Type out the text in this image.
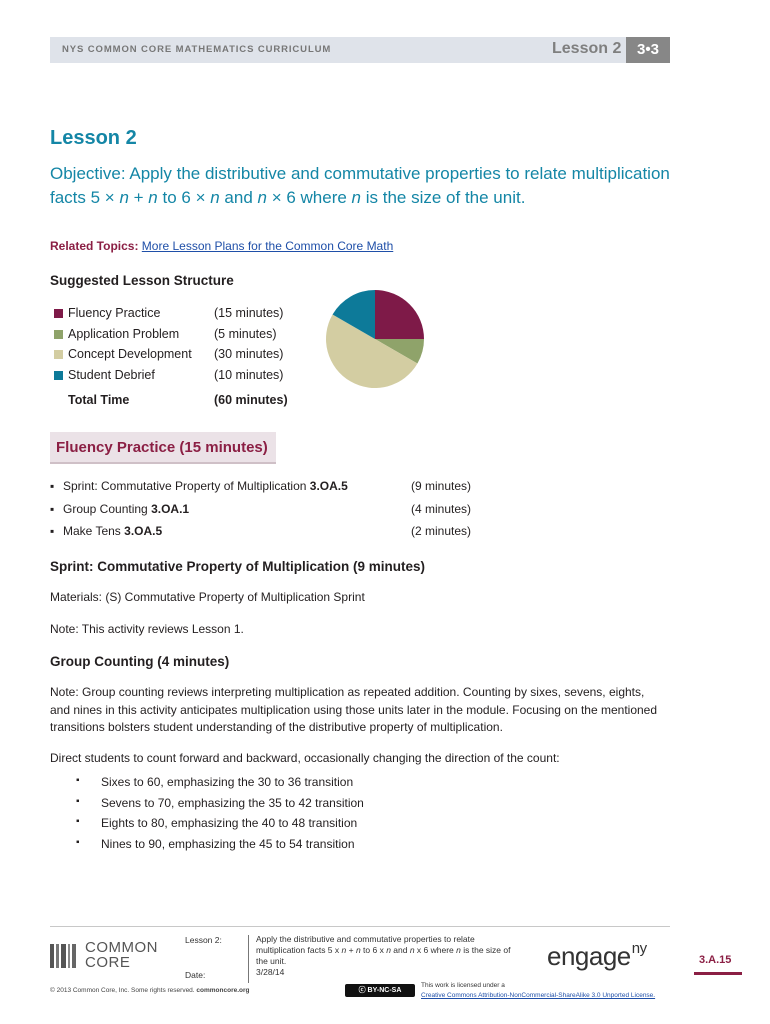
NYS COMMON CORE MATHEMATICS CURRICULUM	Lesson 2	3•3
Lesson 2
Objective: Apply the distributive and commutative properties to relate multiplication facts 5 × n + n to 6 × n and n × 6 where n is the size of the unit.
Related Topics: More Lesson Plans for the Common Core Math
Suggested Lesson Structure
Fluency Practice	(15 minutes)
Application Problem	(5 minutes)
Concept Development (30 minutes)
Student Debrief	(10 minutes)
Total Time	(60 minutes)
Fluency Practice (15 minutes)
▪ Sprint: Commutative Property of Multiplication 3.OA.5	(9 minutes)
▪ Group Counting 3.OA.1	(4 minutes)
▪ Make Tens 3.OA.5	(2 minutes)
Sprint: Commutative Property of Multiplication (9 minutes)
Materials: (S) Commutative Property of Multiplication Sprint
Note: This activity reviews Lesson 1.
Group Counting (4 minutes)
Note: Group counting reviews interpreting multiplication as repeated addition. Counting by sixes, sevens, eights, and nines in this activity anticipates multiplication using those units later in the module. Focusing on the mentioned transitions bolsters student understanding of the distributive property of multiplication.
Direct students to count forward and backward, occasionally changing the direction of the count:
▪ Sixes to 60, emphasizing the 30 to 36 transition
▪ Sevens to 70, emphasizing the 35 to 42 transition
▪ Eights to 80, emphasizing the 40 to 48 transition
▪ Nines to 90, emphasizing the 45 to 54 transition
COMMON
CORE
Lesson 2:
Date:
Apply the distributive and commutative properties to relate multiplication facts 5 x n + n to 6 x n and n x 6 where n is the size of the unit.
3/28/14
© 2013 Common Core, Inc. Some rights reserved. commoncore.org	ⓒ BY-NC-SA
This work is licensed under a
Creative Commons Attribution-NonCommercial-ShareAlike 3.0 Unported License.
engage$^{ny}$
3.A.15
